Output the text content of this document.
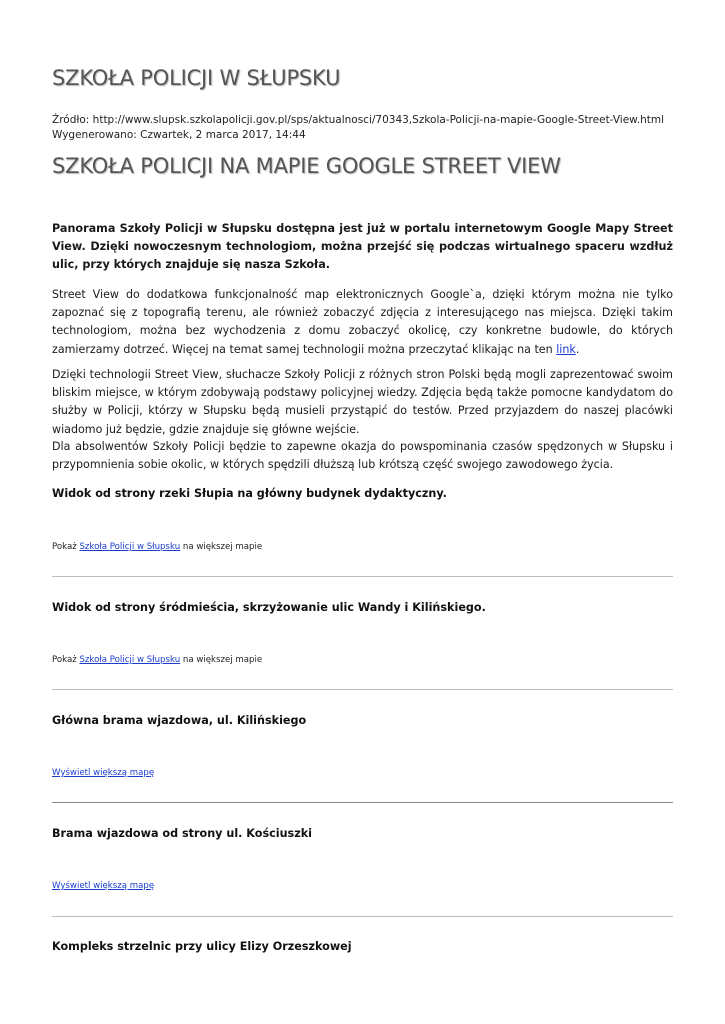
SZKOŁA POLICJI W SŁUPSKU
Źródło: http://www.slupsk.szkolapolicji.gov.pl/sps/aktualnosci/70343,Szkola-Policji-na-mapie-Google-Street-View.html
Wygenerowano: Czwartek, 2 marca 2017, 14:44
SZKOŁA POLICJI NA MAPIE GOOGLE STREET VIEW

Panorama Szkoły Policji w Słupsku dostępna jest już w portalu internetowym Google Mapy Street View. Dzięki nowoczesnym technologiom, można przejść się podczas wirtualnego spaceru wzdłuż ulic, przy których znajduje się nasza Szkoła.

Street View do dodatkowa funkcjonalność map elektronicznych Google`a, dzięki którym można nie tylko zapoznać się z topografią terenu, ale również zobaczyć zdjęcia z interesującego nas miejsca. Dzięki takim technologiom, można bez wychodzenia z domu zobaczyć okolicę, czy konkretne budowle, do których zamierzamy dotrzeć. Więcej na temat samej technologii można przeczytać klikając na ten link.

Dzięki technologii Street View, słuchacze Szkoły Policji z różnych stron Polski będą mogli zaprezentować swoim bliskim miejsce, w którym zdobywają podstawy policyjnej wiedzy. Zdjęcia będą także pomocne kandydatom do służby w Policji, którzy w Słupsku będą musieli przystąpić do testów. Przed przyjazdem do naszej placówki wiadomo już będzie, gdzie znajduje się główne wejście.

Dla absolwentów Szkoły Policji będzie to zapewne okazja do powspominania czasów spędzonych w Słupsku i przypomnienia sobie okolic, w których spędzili dłuższą lub krótszą część swojego zawodowego życia.

Widok od strony rzeki Słupia na główny budynek dydaktyczny.
Pokaż Szkoła Policji w Słupsku na większej mapie
Widok od strony śródmieścia, skrzyżowanie ulic Wandy i Kilińskiego.
Pokaż Szkoła Policji w Słupsku na większej mapie
Główna brama wjazdowa, ul. Kilińskiego
Wyświetl większą mapę
Brama wjazdowa od strony ul. Kościuszki
Wyświetl większą mapę
Kompleks strzelnic przy ulicy Elizy Orzeszkowej
